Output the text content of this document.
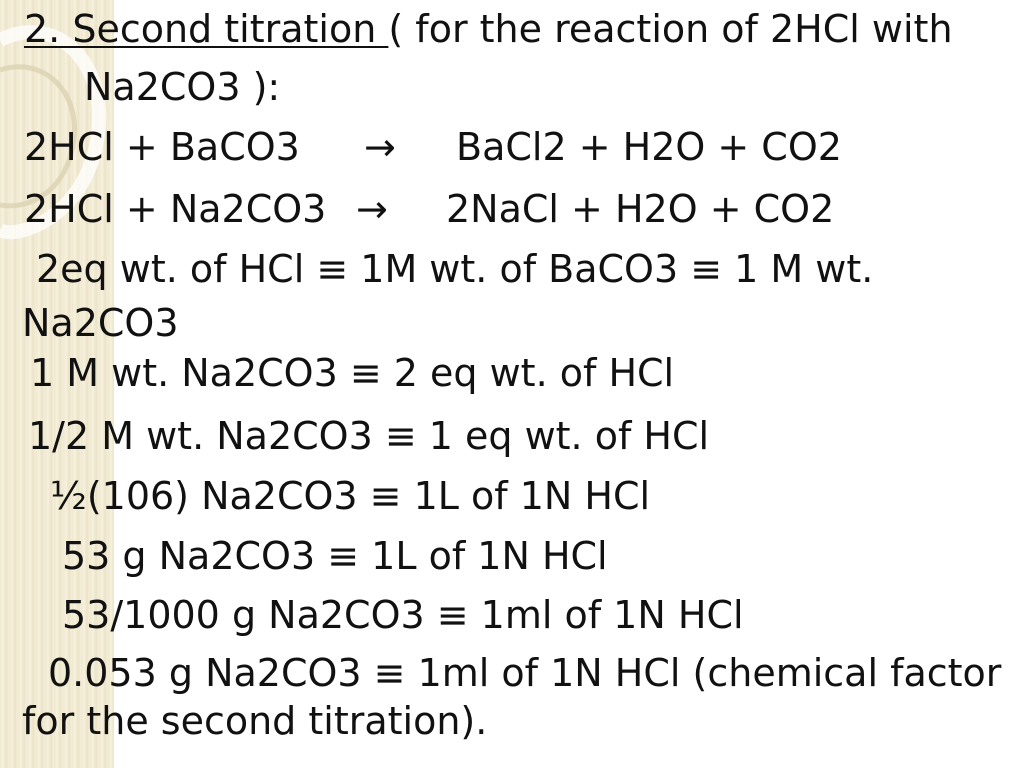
2. Second titration ( for the reaction of 2HCl with
Na2CO3 ):
2HCl + BaCO3 → BaCl2 + H2O + CO2
2HCl + Na2CO3 → 2NaCl + H2O + CO2
2eq wt. of HCl ≡ 1M wt. of BaCO3 ≡ 1 M wt.
Na2CO3
1 M wt. Na2CO3 ≡ 2 eq wt. of HCl
1/2 M wt. Na2CO3 ≡ 1 eq wt. of HCl
½(106) Na2CO3 ≡ 1L of 1N HCl
53 g Na2CO3 ≡ 1L of 1N HCl
53/1000 g Na2CO3 ≡ 1ml of 1N HCl
0.053 g Na2CO3 ≡ 1ml of 1N HCl (chemical factor
for the second titration).
